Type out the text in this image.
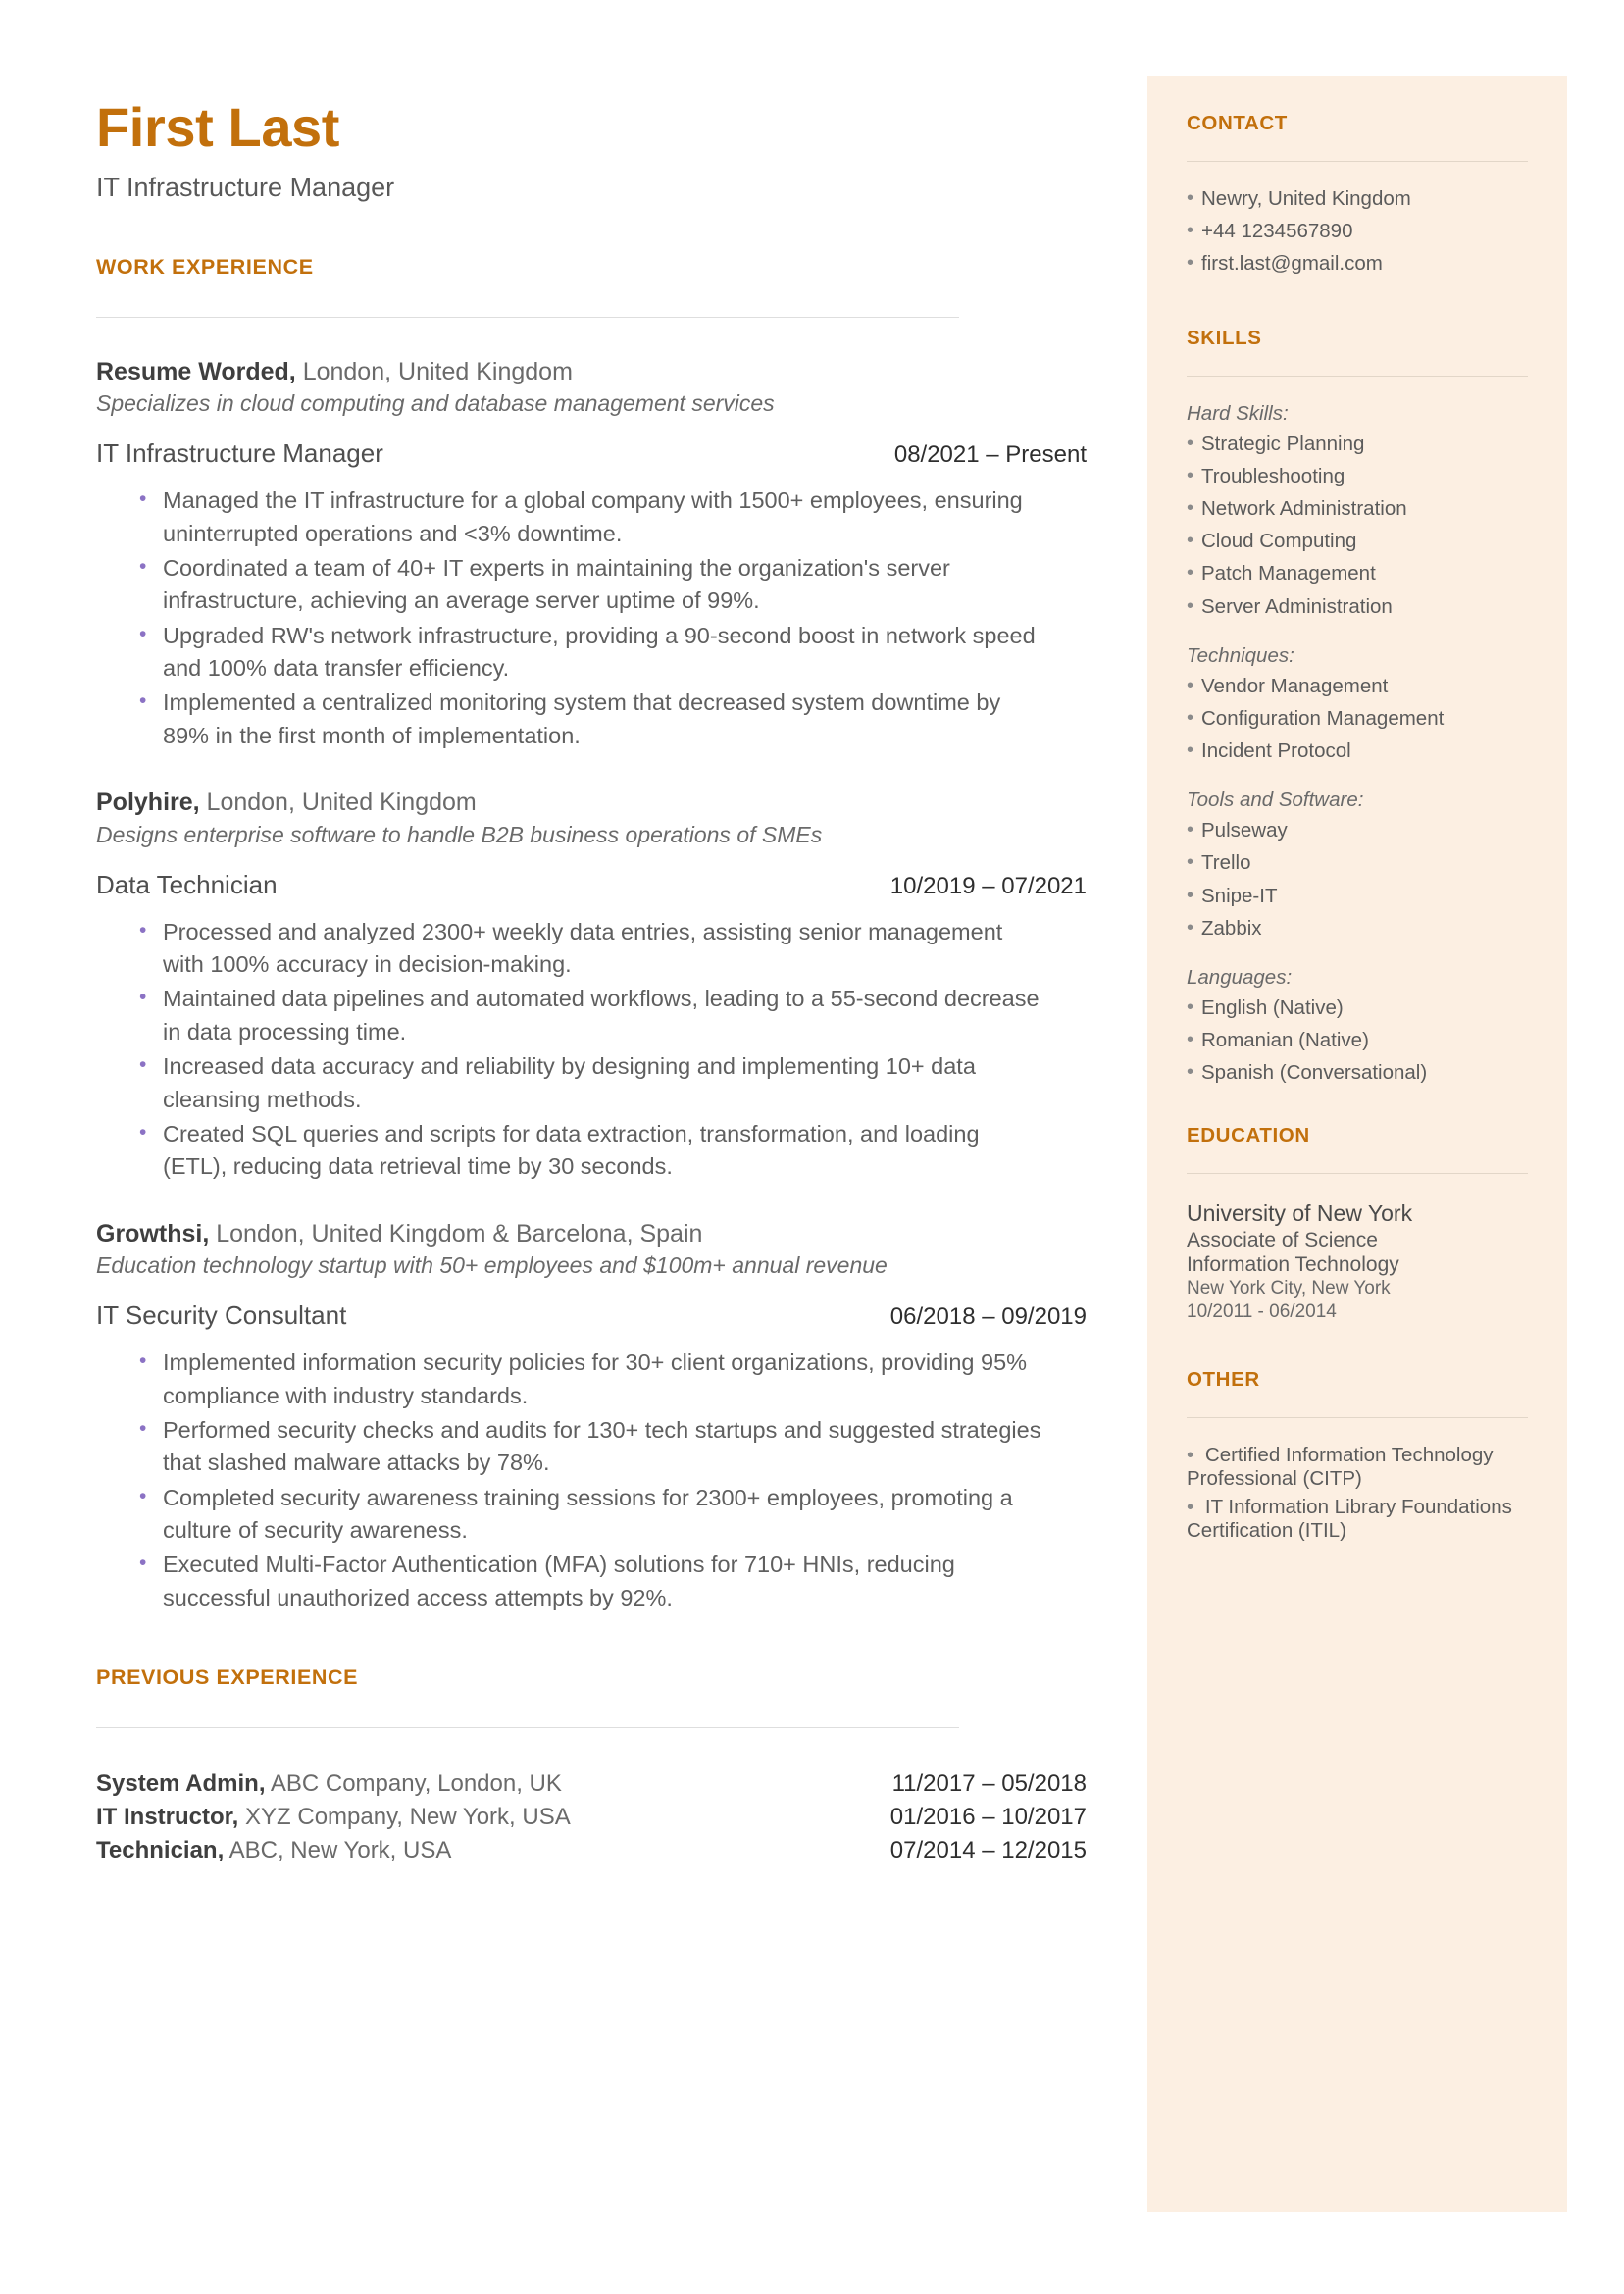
CONTACT
• Newry, United Kingdom
• +44 1234567890
• first.last@gmail.com
SKILLS
Hard Skills:
• Strategic Planning
• Troubleshooting
• Network Administration
• Cloud Computing
• Patch Management
• Server Administration
Techniques:
• Vendor Management
• Configuration Management
• Incident Protocol
Tools and Software:
• Pulseway
• Trello
• Snipe-IT
• Zabbix
Languages:
• English (Native)
• Romanian (Native)
• Spanish (Conversational)
EDUCATION
University of New York
Associate of Science
Information Technology
New York City, New York
10/2011 - 06/2014
OTHER
• Certified Information Technology Professional (CITP)
• IT Information Library Foundations Certification (ITIL)
First Last
IT Infrastructure Manager
WORK EXPERIENCE
Resume Worded, London, United Kingdom
Specializes in cloud computing and database management services
IT Infrastructure Manager	08/2021 – Present
• Managed the IT infrastructure for a global company with 1500+ employees, ensuring uninterrupted operations and <3% downtime.
• Coordinated a team of 40+ IT experts in maintaining the organization's server infrastructure, achieving an average server uptime of 99%.
• Upgraded RW's network infrastructure, providing a 90-second boost in network speed and 100% data transfer efficiency.
• Implemented a centralized monitoring system that decreased system downtime by 89% in the first month of implementation.
Polyhire, London, United Kingdom
Designs enterprise software to handle B2B business operations of SMEs
Data Technician	10/2019 – 07/2021
• Processed and analyzed 2300+ weekly data entries, assisting senior management with 100% accuracy in decision-making.
• Maintained data pipelines and automated workflows, leading to a 55-second decrease in data processing time.
• Increased data accuracy and reliability by designing and implementing 10+ data cleansing methods.
• Created SQL queries and scripts for data extraction, transformation, and loading (ETL), reducing data retrieval time by 30 seconds.
Growthsi, London, United Kingdom & Barcelona, Spain
Education technology startup with 50+ employees and $100m+ annual revenue
IT Security Consultant	06/2018 – 09/2019
• Implemented information security policies for 30+ client organizations, providing 95% compliance with industry standards.
• Performed security checks and audits for 130+ tech startups and suggested strategies that slashed malware attacks by 78%.
• Completed security awareness training sessions for 2300+ employees, promoting a culture of security awareness.
• Executed Multi-Factor Authentication (MFA) solutions for 710+ HNIs, reducing successful unauthorized access attempts by 92%.
PREVIOUS EXPERIENCE
System Admin, ABC Company, London, UK	11/2017 – 05/2018
IT Instructor, XYZ Company, New York, USA	01/2016 – 10/2017
Technician, ABC, New York, USA	07/2014 – 12/2015
